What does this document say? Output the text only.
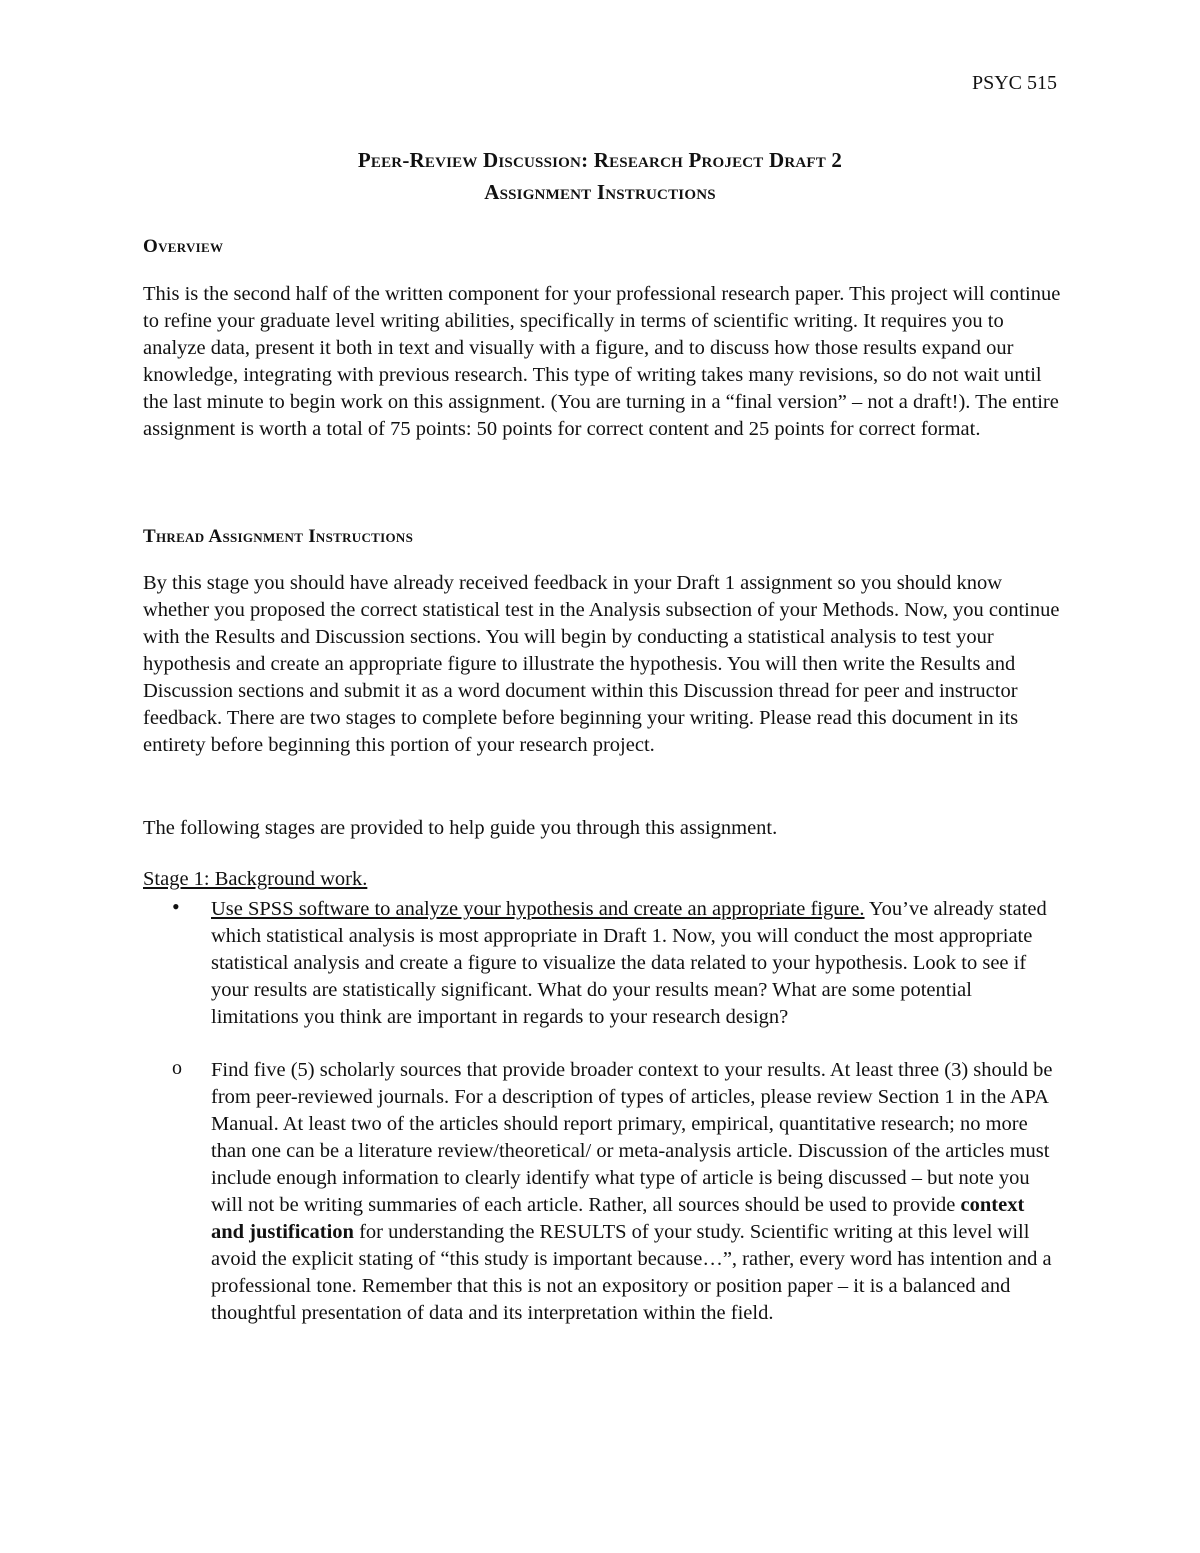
PSYC 515
Peer-Review Discussion: Research Project Draft 2
Assignment Instructions
Overview
This is the second half of the written component for your professional research paper. This project will continue to refine your graduate level writing abilities, specifically in terms of scientific writing. It requires you to analyze data, present it both in text and visually with a figure, and to discuss how those results expand our knowledge, integrating with previous research. This type of writing takes many revisions, so do not wait until the last minute to begin work on this assignment. (You are turning in a “final version” – not a draft!). The entire assignment is worth a total of 75 points: 50 points for correct content and 25 points for correct format.
Thread Assignment Instructions
By this stage you should have already received feedback in your Draft 1 assignment so you should know whether you proposed the correct statistical test in the Analysis subsection of your Methods. Now, you continue with the Results and Discussion sections. You will begin by conducting a statistical analysis to test your hypothesis and create an appropriate figure to illustrate the hypothesis. You will then write the Results and Discussion sections and submit it as a word document within this Discussion thread for peer and instructor feedback. There are two stages to complete before beginning your writing. Please read this document in its entirety before beginning this portion of your research project.
The following stages are provided to help guide you through this assignment.
Stage 1: Background work.
• Use SPSS software to analyze your hypothesis and create an appropriate figure. You’ve already stated which statistical analysis is most appropriate in Draft 1. Now, you will conduct the most appropriate statistical analysis and create a figure to visualize the data related to your hypothesis. Look to see if your results are statistically significant. What do your results mean? What are some potential limitations you think are important in regards to your research design?
o Find five (5) scholarly sources that provide broader context to your results. At least three (3) should be from peer-reviewed journals. For a description of types of articles, please review Section 1 in the APA Manual. At least two of the articles should report primary, empirical, quantitative research; no more than one can be a literature review/theoretical/ or meta-analysis article. Discussion of the articles must include enough information to clearly identify what type of article is being discussed – but note you will not be writing summaries of each article. Rather, all sources should be used to provide context and justification for understanding the RESULTS of your study. Scientific writing at this level will avoid the explicit stating of “this study is important because…”, rather, every word has intention and a professional tone. Remember that this is not an expository or position paper – it is a balanced and thoughtful presentation of data and its interpretation within the field.
